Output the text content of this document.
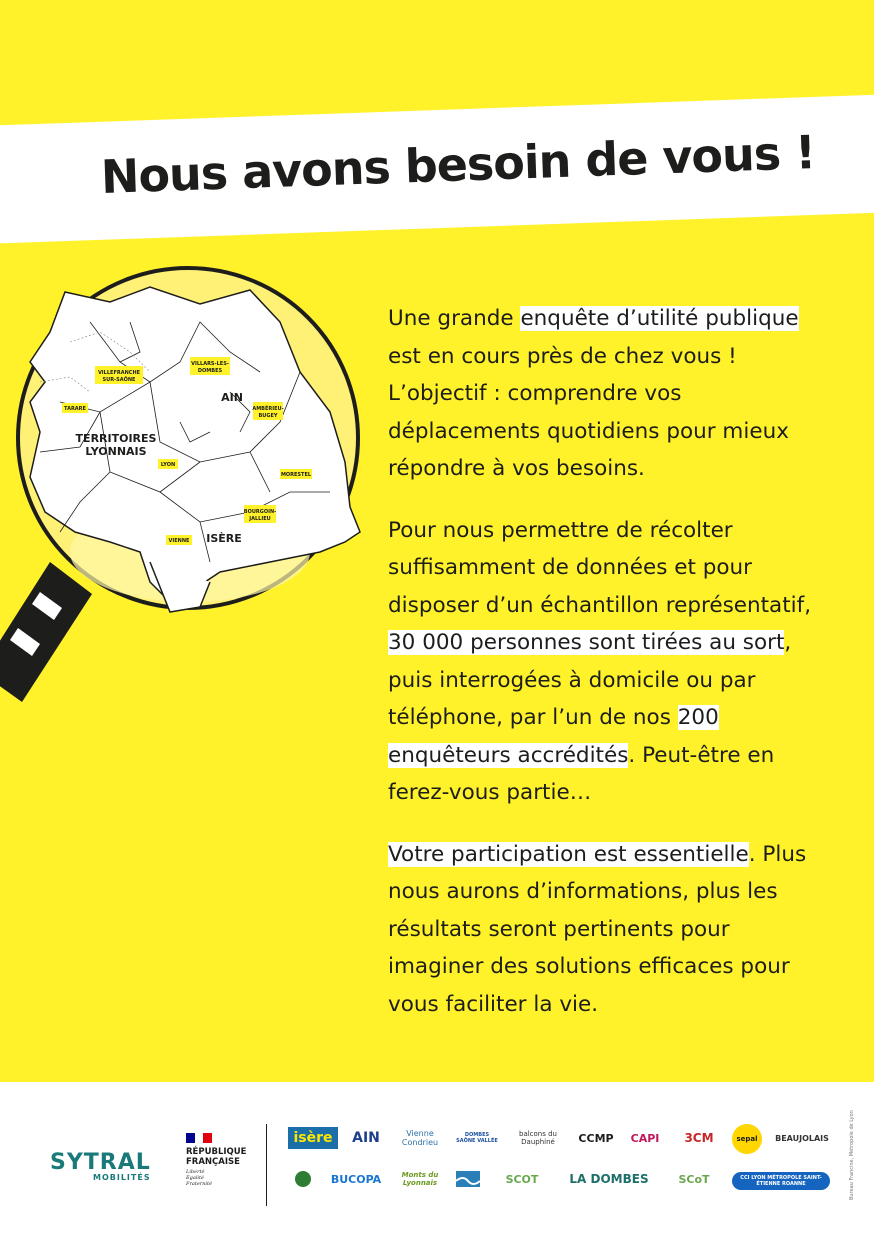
Nous avons besoin de vous !
VILLEFRANCHE
SUR-SAÔNE
VILLARS-LES-
DOMBES
TARARE	AMBÉRIEU-
BUGEY
AIN
TERRITOIRES
LYONNAIS
LYON
MORESTEL
BOURGOIN-
JALLIEU
VIENNE ISÈRE

Une grande enquête d’utilité publique est en cours près de chez vous ! L’objectif : comprendre vos déplacements quotidiens pour mieux répondre à vos besoins.

Pour nous permettre de récolter suffisamment de données et pour disposer d’un échantillon représentatif, 30 000 personnes sont tirées au sort, puis interrogées à domicile ou par téléphone, par l’un de nos 200 enquêteurs accrédités. Peut-être en ferez-vous partie…

Votre participation est essentielle. Plus nous aurons d’informations, plus les résultats seront pertinents pour imaginer des solutions efficaces pour vous faciliter la vie.

SYTRAL
MOBILITÉS
RÉPUBLIQUE
FRANÇAISE
Liberté
Égalité
Fraternité
isère	AIN	Vienne Condrieu
DOMBES SAÔNE VALLÉE
balcons du Dauphiné	CCMP	CAPI	3CM	sepal	BEAUJOLAIS
BUCOPA	Monts du Lyonnais	SCOT	LA DOMBES	SCoT	CCI LYON MÉTROPOLE SAINT-ÉTIENNE ROANNE	Bureau Francine, Métropole de Lyon
